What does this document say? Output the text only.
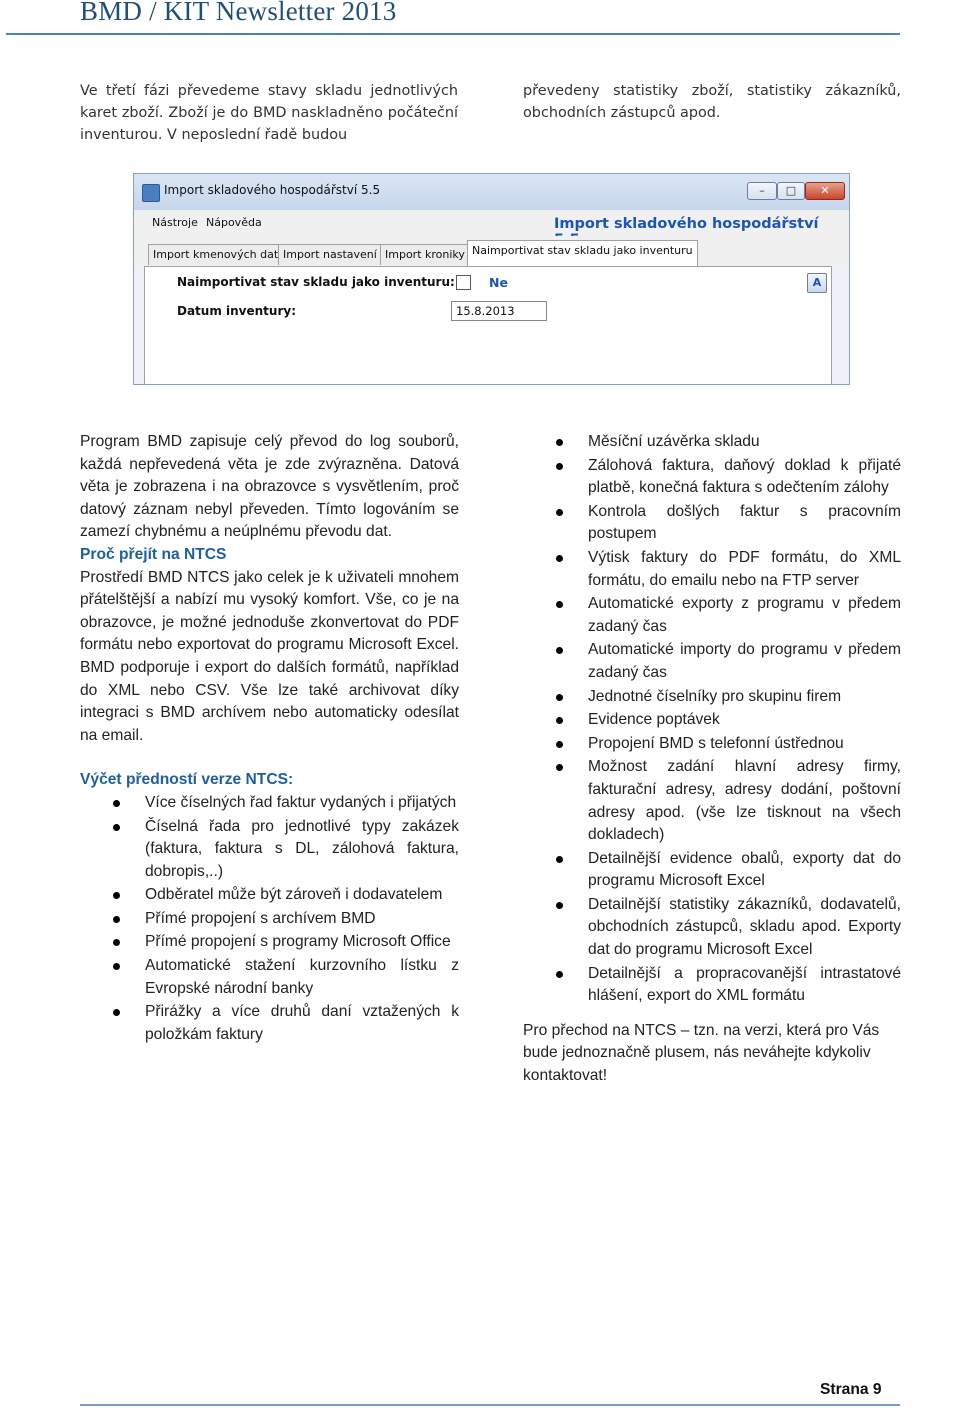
BMD / KIT Newsletter 2013
Ve třetí fázi převedeme stavy skladu jednotlivých karet zboží. Zboží je do BMD naskladněno počáteční inventurou. V neposlední řadě budou
převedeny statistiky zboží, statistiky zákazníků, obchodních zástupců apod.
Import skladového hospodářství 5.5	–	□	✕
Nástroje Nápověda	Import skladového hospodářství
Import kmenových dat Import nastavení Import kroniky Naimportivat stav skladu jako inventuru
Naimportivat stav skladu jako inventuru:	Ne
Datum inventury:	15.8.2013
A

Program BMD zapisuje celý převod do log souborů, každá nepřevedená věta je zde zvýrazněna. Datová věta je zobrazena i na obrazovce s vysvětlením, proč datový záznam nebyl převeden. Tímto logováním se zamezí chybnému a neúplnému převodu dat.

Proč přejít na NTCS

Prostředí BMD NTCS jako celek je k uživateli mnohem přátelštější a nabízí mu vysoký komfort. Vše, co je na obrazovce, je možné jednoduše zkonvertovat do PDF formátu nebo exportovat do programu Microsoft Excel. BMD podporuje i export do dalších formátů, například do XML nebo CSV. Vše lze také archivovat díky integraci s BMD archívem nebo automaticky odesílat na email.

Výčet předností verze NTCS:

Více číselných řad faktur vydaných i přijatých
Číselná řada pro jednotlivé typy zakázek (faktura, faktura s DL, zálohová faktura, dobropis,..)
Odběratel může být zároveň i dodavatelem
Přímé propojení s archívem BMD
Přímé propojení s programy Microsoft Office
Automatické stažení kurzovního lístku z Evropské národní banky
Přirážky a více druhů daní vztažených k položkám faktury
Měsíční uzávěrka skladu
Zálohová faktura, daňový doklad k přijaté platbě, konečná faktura s odečtením zálohy
Kontrola došlých faktur s pracovním postupem
Výtisk faktury do PDF formátu, do XML formátu, do emailu nebo na FTP server
Automatické exporty z programu v předem zadaný čas
Automatické importy do programu v předem zadaný čas
Jednotné číselníky pro skupinu firem
Evidence poptávek
Propojení BMD s telefonní ústřednou
Možnost zadání hlavní adresy firmy, fakturační adresy, adresy dodání, poštovní adresy apod. (vše lze tisknout na všech dokladech)
Detailnější evidence obalů, exporty dat do programu Microsoft Excel
Detailnější statistiky zákazníků, dodavatelů, obchodních zástupců, skladu apod. Exporty dat do programu Microsoft Excel
Detailnější a propracovanější intrastatové hlášení, export do XML formátu

Pro přechod na NTCS – tzn. na verzi, která pro Vás bude jednoznačně plusem, nás neváhejte kdykoliv kontaktovat!

Strana 9
